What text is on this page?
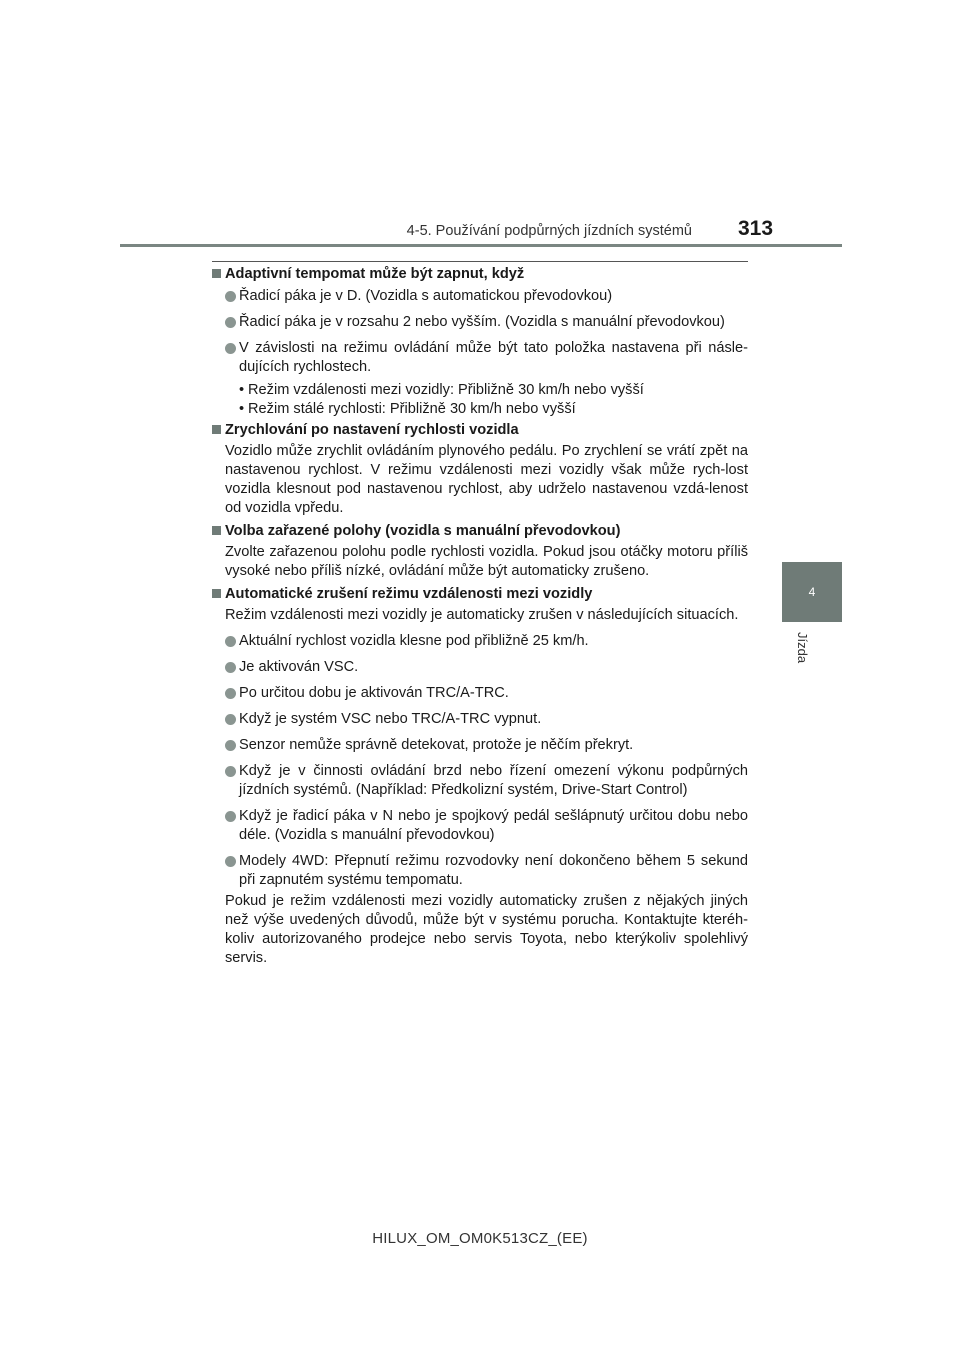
4-5. Používání podpůrných jízdních systémů 313
4
Jízda

Adaptivní tempomat může být zapnut, když

Řadicí páka je v D. (Vozidla s automatickou převodovkou)

Řadicí páka je v rozsahu 2 nebo vyšším. (Vozidla s manuální převodovkou)

V závislosti na režimu ovládání může být tato položka nastavena při násle-dujících rychlostech.

• Režim vzdálenosti mezi vozidly: Přibližně 30 km/h nebo vyšší

• Režim stálé rychlosti: Přibližně 30 km/h nebo vyšší

Zrychlování po nastavení rychlosti vozidla

Vozidlo může zrychlit ovládáním plynového pedálu. Po zrychlení se vrátí zpět na nastavenou rychlost. V režimu vzdálenosti mezi vozidly však může rych-lost vozidla klesnout pod nastavenou rychlost, aby udrželo nastavenou vzdá-lenost od vozidla vpředu.

Volba zařazené polohy (vozidla s manuální převodovkou)

Zvolte zařazenou polohu podle rychlosti vozidla. Pokud jsou otáčky motoru příliš vysoké nebo příliš nízké, ovládání může být automaticky zrušeno.

Automatické zrušení režimu vzdálenosti mezi vozidly

Režim vzdálenosti mezi vozidly je automaticky zrušen v následujících situacích.

Aktuální rychlost vozidla klesne pod přibližně 25 km/h.

Je aktivován VSC.

Po určitou dobu je aktivován TRC/A-TRC.

Když je systém VSC nebo TRC/A-TRC vypnut.

Senzor nemůže správně detekovat, protože je něčím překryt.

Když je v činnosti ovládání brzd nebo řízení omezení výkonu podpůrných jízdních systémů. (Například: Předkolizní systém, Drive-Start Control)

Když je řadicí páka v N nebo je spojkový pedál sešlápnutý určitou dobu nebo déle. (Vozidla s manuální převodovkou)

Modely 4WD: Přepnutí režimu rozvodovky není dokončeno během 5 sekund při zapnutém systému tempomatu.

Pokud je režim vzdálenosti mezi vozidly automaticky zrušen z nějakých jiných než výše uvedených důvodů, může být v systému porucha. Kontaktujte kteréh-koliv autorizovaného prodejce nebo servis Toyota, nebo kterýkoliv spolehlivý servis.

HILUX_OM_OM0K513CZ_(EE)
